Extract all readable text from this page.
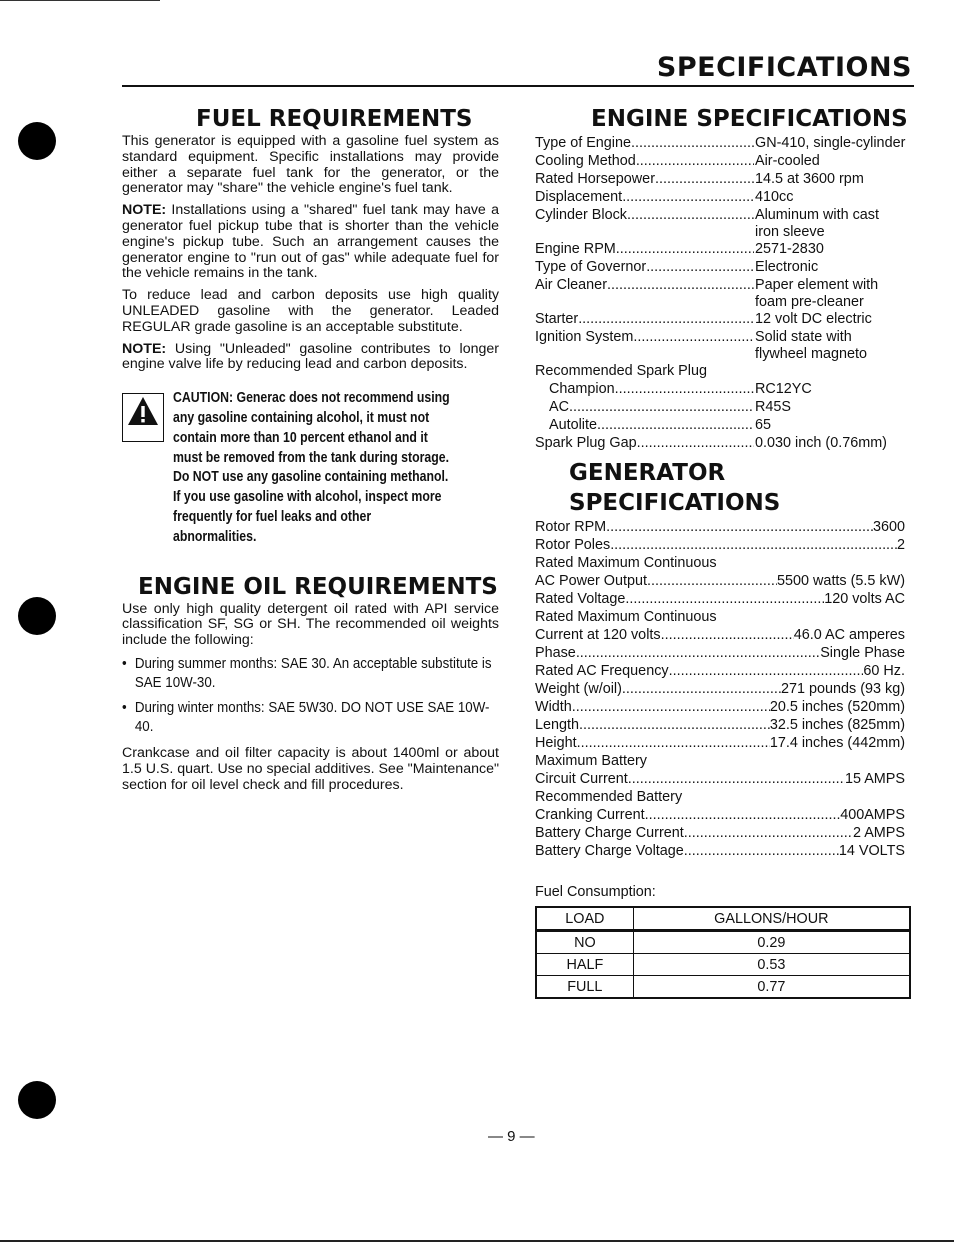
SPECIFICATIONS
FUEL REQUIREMENTS

This generator is equipped with a gasoline fuel system as standard equipment. Specific installations may provide either a separate fuel tank for the generator, or the generator may "share" the vehicle engine's fuel tank.

NOTE: Installations using a "shared" fuel tank may have a generator fuel pickup tube that is shorter than the vehicle engine's pickup tube. Such an arrangement causes the generator engine to "run out of gas" while adequate fuel for the vehicle remains in the tank.

To reduce lead and carbon deposits use high quality UNLEADED gasoline with the generator. Leaded REGULAR grade gasoline is an acceptable substitute.

NOTE: Using "Unleaded" gasoline contributes to longer engine valve life by reducing lead and carbon deposits.

CAUTION: Generac does not recommend using any gasoline containing alcohol, it must not contain more than 10 percent ethanol and it must be removed from the tank during storage. Do NOT use any gasoline containing methanol. If you use gasoline with alcohol, inspect more frequently for fuel leaks and other abnormalities.
ENGINE OIL REQUIREMENTS

Use only high quality detergent oil rated with API service classification SF, SG or SH. The recommended oil weights include the following:

• During summer months: SAE 30. An acceptable substitute is SAE 10W-30.
• During winter months: SAE 5W30. DO NOT USE SAE 10W-40.

Crankcase and oil filter capacity is about 1400ml or about 1.5 U.S. quart. Use no special additives. See "Maintenance" section for oil level check and fill procedures.

ENGINE SPECIFICATIONS
Type of Engine .....	GN-410, single-cylinder
Cooling Method .....	Air-cooled
Rated Horsepower .....	14.5 at 3600 rpm
Displacement .....	410cc
Cylinder Block .....	Aluminum with cast
iron sleeve
Engine RPM .....	2571-2830
Type of Governor .....	Electronic
Air Cleaner .....	Paper element with
foam pre-cleaner
Starter .....	12 volt DC electric
Ignition System .....	Solid state with
flywheel magneto
Recommended Spark Plug
Champion .....	RC12YC
AC .....	R45S
Autolite .....	65
Spark Plug Gap .....	0.030 inch (0.76mm)
GENERATOR SPECIFICATIONS
Rotor RPM .....	3600
Rotor Poles .....	2
Rated Maximum Continuous
AC Power Output .....	5500 watts (5.5 kW)
Rated Voltage .....	120 volts AC
Rated Maximum Continuous
Current at 120 volts .....	46.0 AC amperes
Phase .....	Single Phase
Rated AC Frequency .....	60 Hz.
Weight (w/oil) .....	271 pounds (93 kg)
Width .....	20.5 inches (520mm)
Length .....	32.5 inches (825mm)
Height .....	17.4 inches (442mm)
Maximum Battery
Circuit Current .....	15 AMPS
Recommended Battery
Cranking Current .....	400AMPS
Battery Charge Current .....	2 AMPS
Battery Charge Voltage .....	14 VOLTS
Fuel Consumption:
LOAD	GALLONS/HOUR
NO	0.29
HALF	0.53
FULL	0.77
— 9 —
